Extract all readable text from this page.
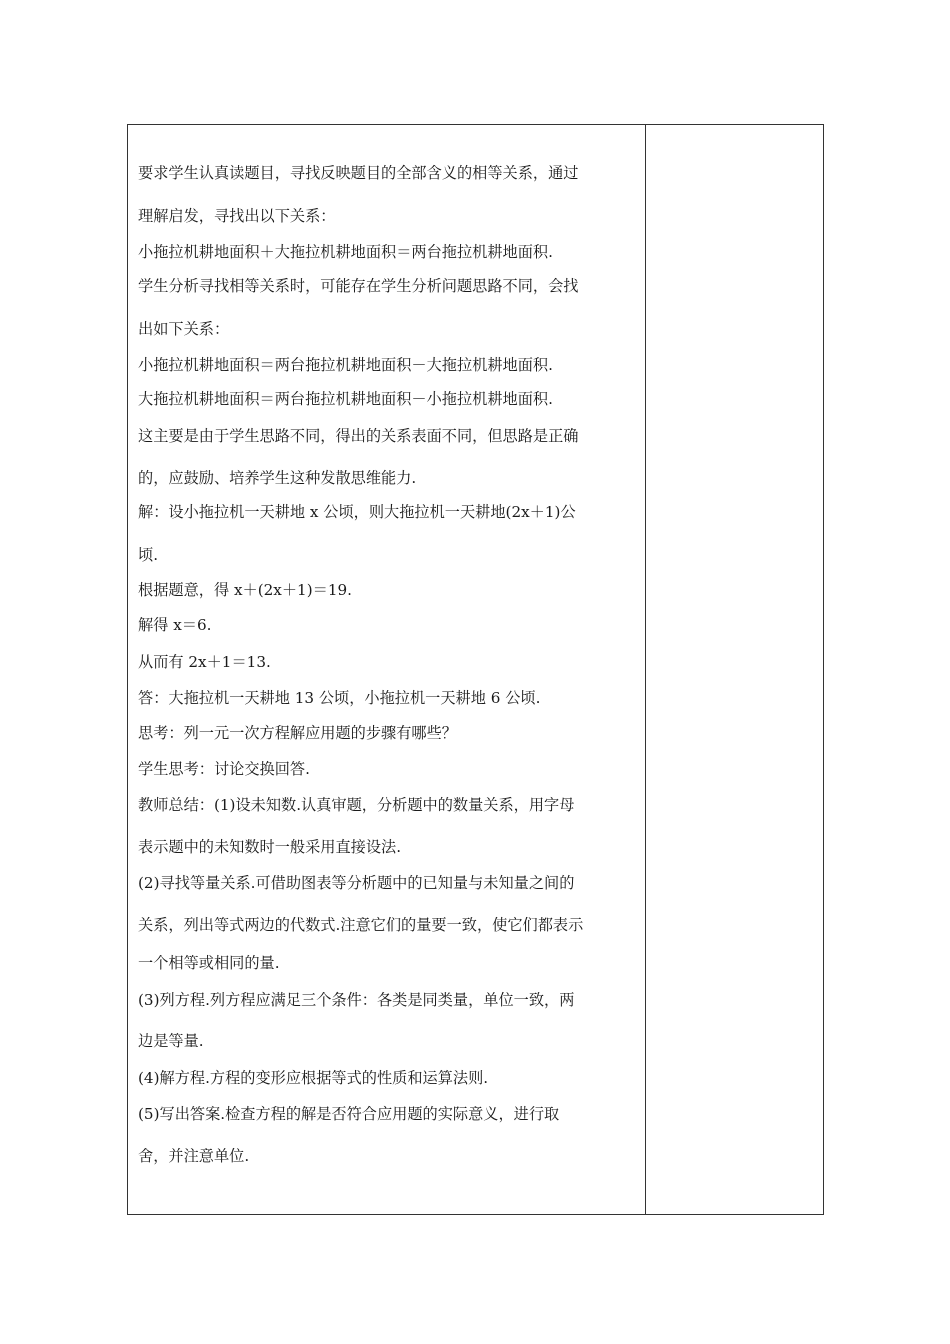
要求学生认真读题目，寻找反映题目的全部含义的相等关系，通过
理解启发，寻找出以下关系：
小拖拉机耕地面积＋大拖拉机耕地面积＝两台拖拉机耕地面积.
学生分析寻找相等关系时，可能存在学生分析问题思路不同，会找
出如下关系：
小拖拉机耕地面积＝两台拖拉机耕地面积－大拖拉机耕地面积.
大拖拉机耕地面积＝两台拖拉机耕地面积－小拖拉机耕地面积.
这主要是由于学生思路不同，得出的关系表面不同，但思路是正确
的，应鼓励、培养学生这种发散思维能力.
解：设小拖拉机一天耕地 x 公顷，则大拖拉机一天耕地(2x＋1)公
顷.
根据题意，得 x＋(2x＋1)＝19.
解得 x＝6.
从而有 2x＋1＝13.
答：大拖拉机一天耕地 13 公顷，小拖拉机一天耕地 6 公顷.
思考：列一元一次方程解应用题的步骤有哪些？
学生思考：讨论交换回答.
教师总结：(1)设未知数.认真审题，分析题中的数量关系，用字母
表示题中的未知数时一般采用直接设法.
(2)寻找等量关系.可借助图表等分析题中的已知量与未知量之间的
关系，列出等式两边的代数式.注意它们的量要一致，使它们都表示
一个相等或相同的量.
(3)列方程.列方程应满足三个条件：各类是同类量，单位一致，两
边是等量.
(4)解方程.方程的变形应根据等式的性质和运算法则.
(5)写出答案.检查方程的解是否符合应用题的实际意义，进行取
舍，并注意单位.
